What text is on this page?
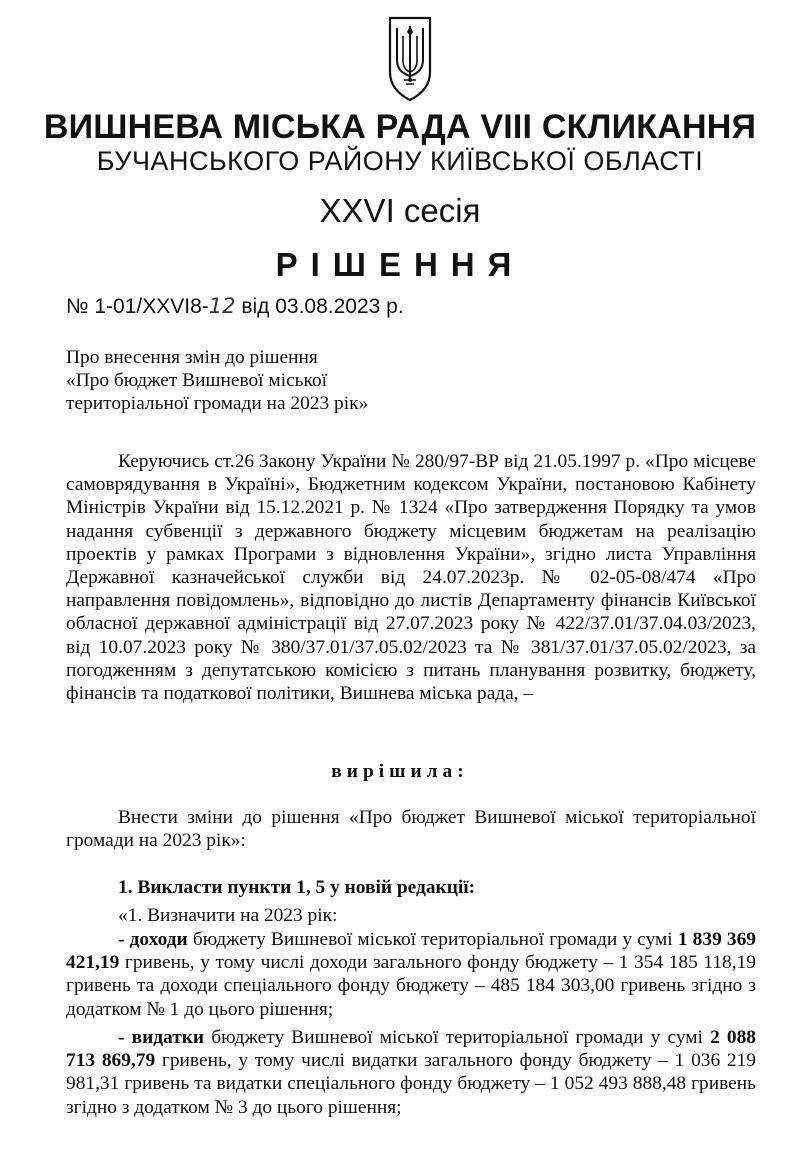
ВИШНЕВА МІСЬКА РАДА VIII СКЛИКАННЯ
БУЧАНСЬКОГО РАЙОНУ КИЇВСЬКОЇ ОБЛАСТІ
XXVI сесія
РІШЕННЯ
№ 1-01/XXVI8-12 від 03.08.2023 р.
Про внесення змін до рішення
«Про бюджет Вишневої міської
територіальної громади на 2023 рік»

Керуючись ст.26 Закону України № 280/97-ВР від 21.05.1997 р. «Про місцеве самоврядування в Україні», Бюджетним кодексом України, постановою Кабінету Міністрів України від 15.12.2021 р. № 1324 «Про затвердження Порядку та умов надання субвенції з державного бюджету місцевим бюджетам на реалізацію проектів у рамках Програми з відновлення України», згідно листа Управління Державної казначейської служби від 24.07.2023р. № 02-05-08/474 «Про направлення повідомлень», відповідно до листів Департаменту фінансів Київської обласної державної адміністрації від 27.07.2023 року № 422/37.01/37.04.03/2023, від 10.07.2023 року № 380/37.01/37.05.02/2023 та № 381/37.01/37.05.02/2023, за погодженням з депутатською комісією з питань планування розвитку, бюджету, фінансів та податкової політики, Вишнева міська рада, –

вирішила:

Внести зміни до рішення «Про бюджет Вишневої міської територіальної громади на 2023 рік»:

1. Викласти пункти 1, 5 у новій редакції:
«1. Визначити на 2023 рік:

- доходи бюджету Вишневої міської територіальної громади у сумі 1 839 369 421,19 гривень, у тому числі доходи загального фонду бюджету – 1 354 185 118,19 гривень та доходи спеціального фонду бюджету – 485 184 303,00 гривень згідно з додатком № 1 до цього рішення;

- видатки бюджету Вишневої міської територіальної громади у сумі 2 088 713 869,79 гривень, у тому числі видатки загального фонду бюджету – 1 036 219 981,31 гривень та видатки спеціального фонду бюджету – 1 052 493 888,48 гривень згідно з додатком № 3 до цього рішення;
